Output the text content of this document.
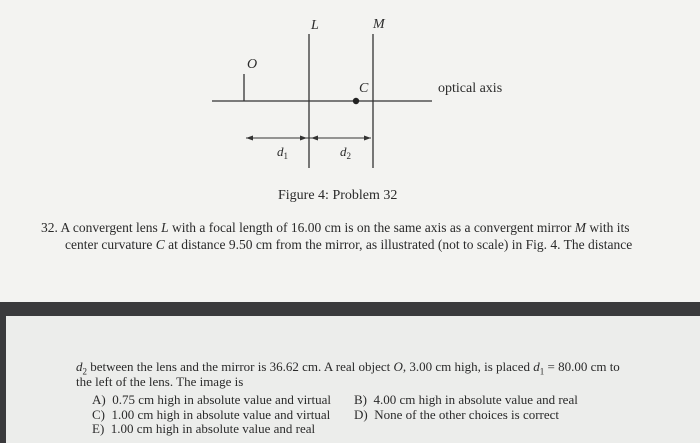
O
L	M
C	optical axis
$d_1$	$d_2$
Figure 4: Problem 32
32. A convergent lens L with a focal length of 16.00 cm is on the same axis as a convergent mirror M with its
center curvature C at distance 9.50 cm from the mirror, as illustrated (not to scale) in Fig. 4. The distance
$d_2$ between the lens and the mirror is 36.62 cm. A real object O, 3.00 cm high, is placed $d_1 = 80.00$ cm to
the left of the lens. The image is
A) 0.75 cm high in absolute value and virtual B) 4.00 cm high in absolute value and real
C) 1.00 cm high in absolute value and virtual D) None of the other choices is correct
E) 1.00 cm high in absolute value and real
